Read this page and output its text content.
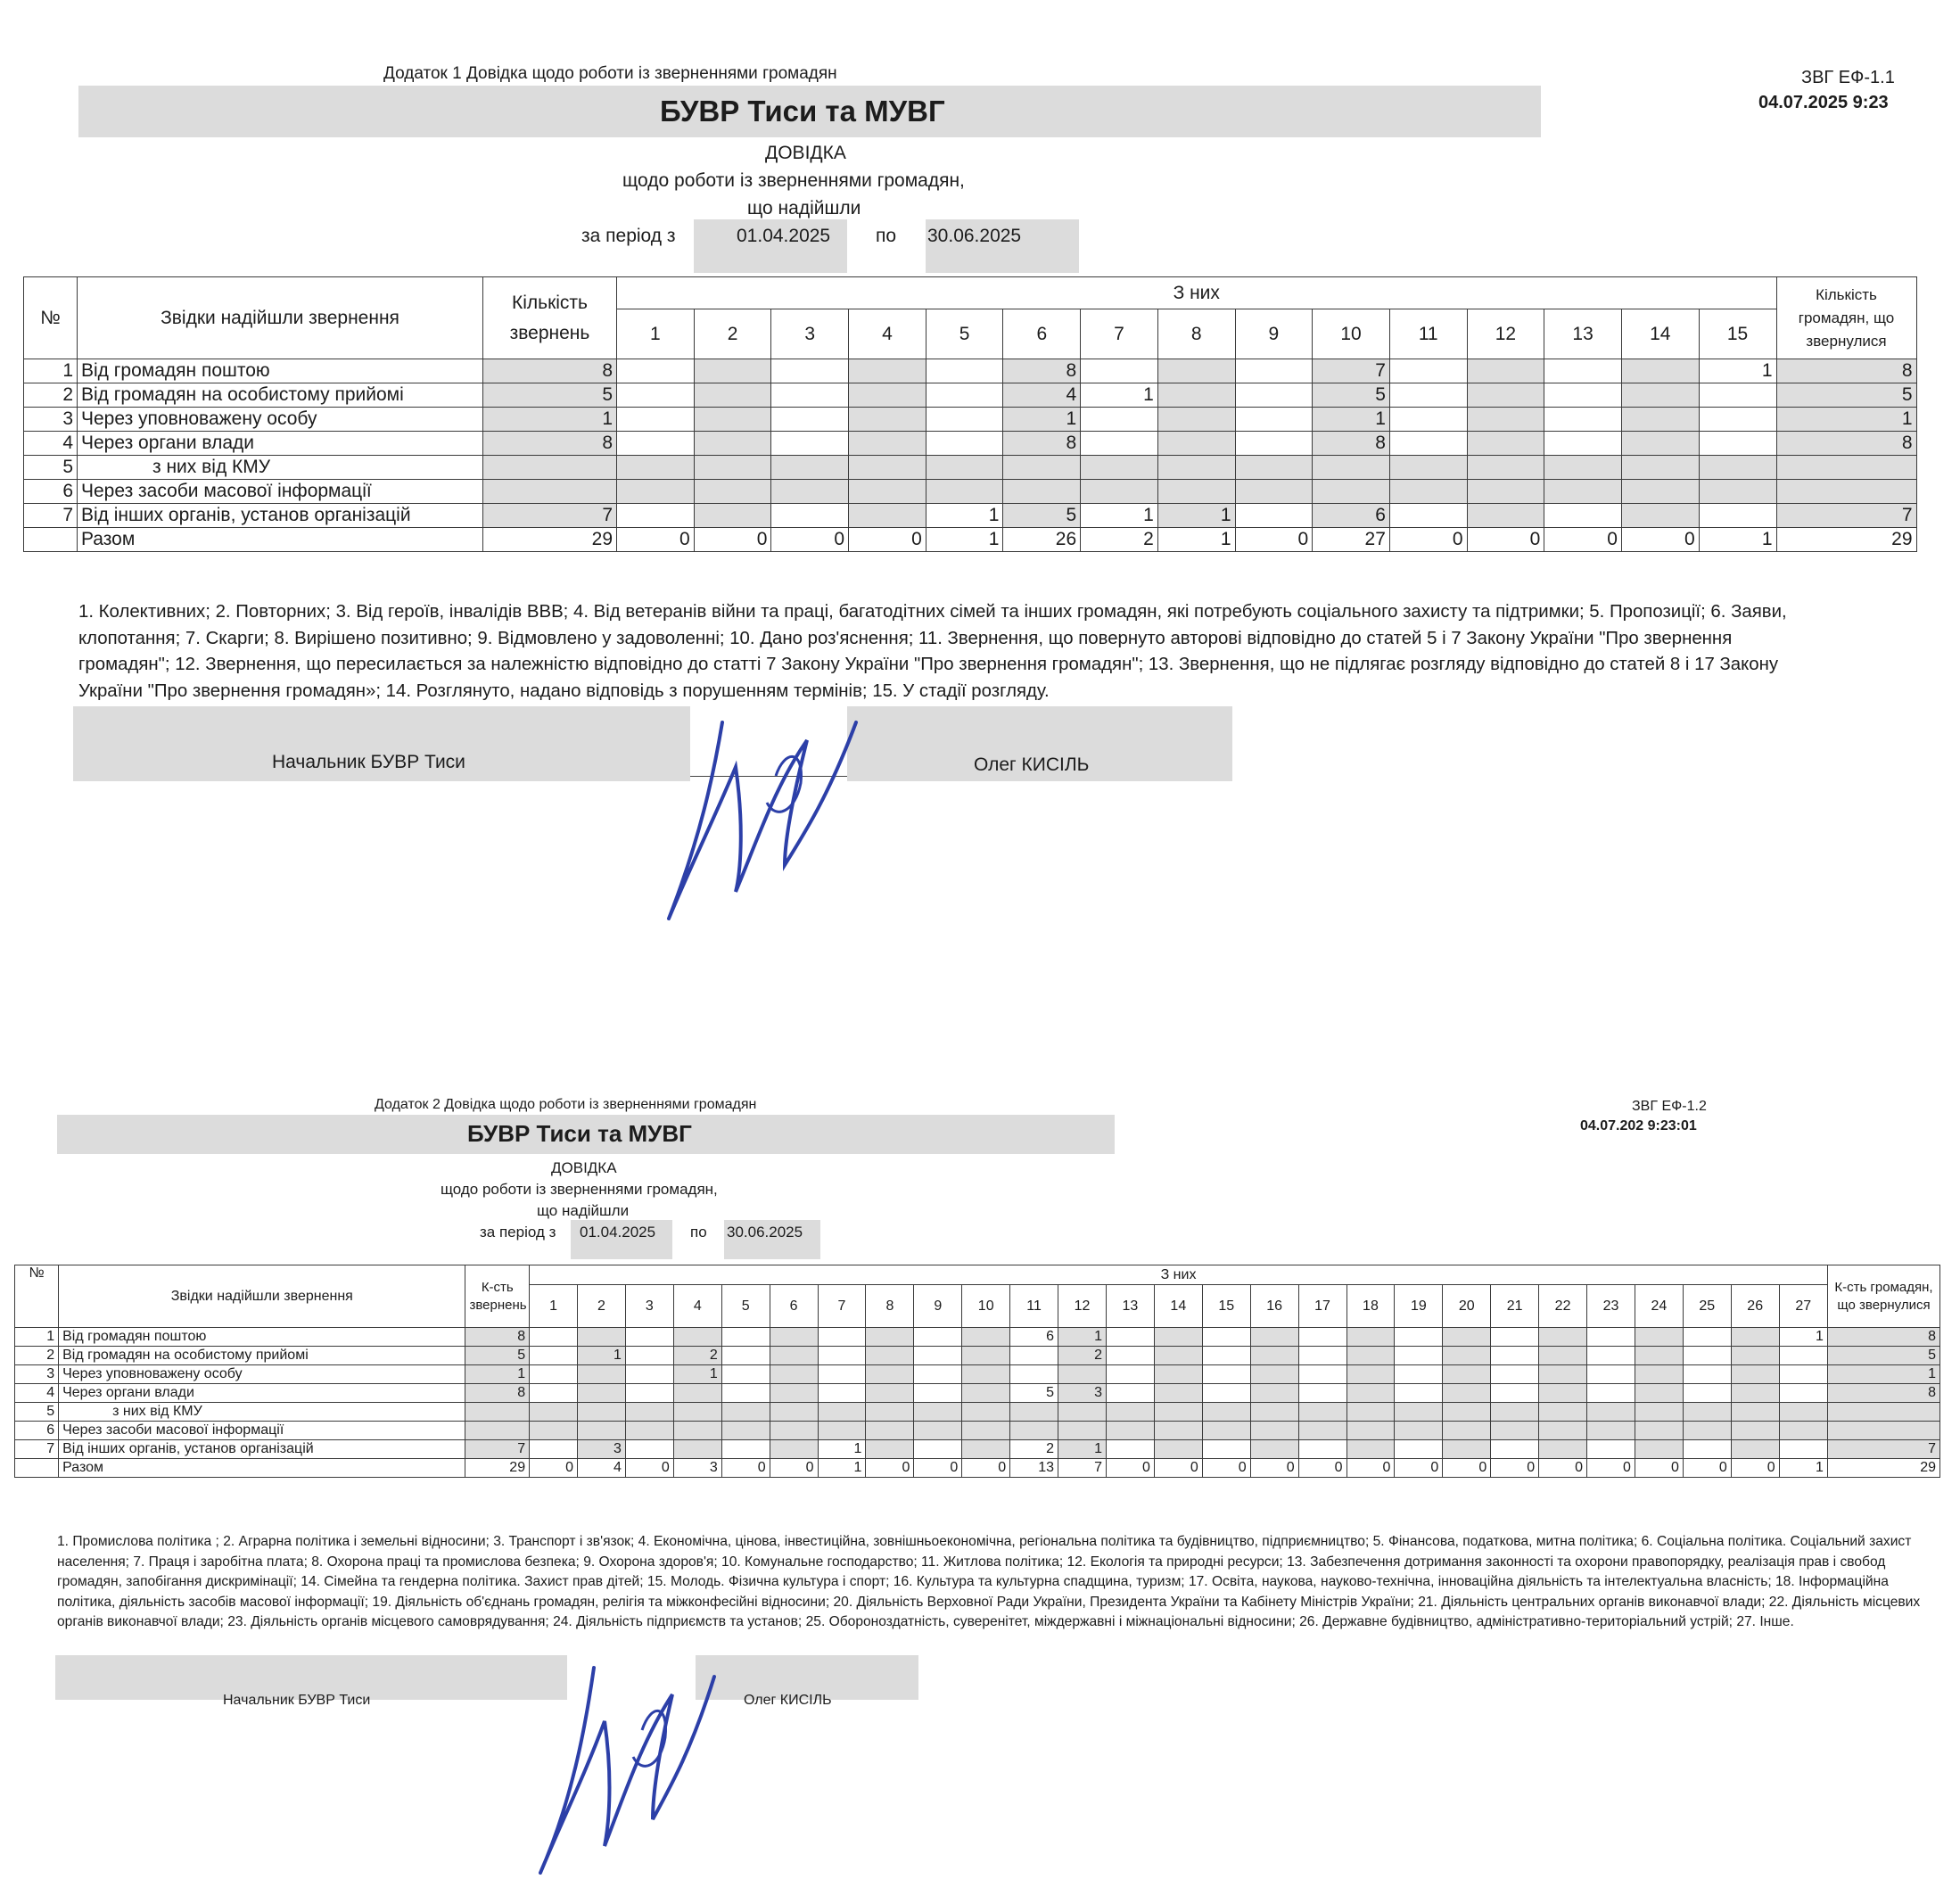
Додаток 1 Довідка щодо роботи із зверненнями громадян
БУВР Тиси та МУВГ
ЗВГ ЕФ-1.1
04.07.2025 9:23
ДОВІДКА
щодо роботи із зверненнями громадян,
що надійшли
за період з	01.04.2025 по 30.06.2025
№	Звідки надійшли звернення	Кількість звернень	З них															Кількість громадян, що звернулися
			1	2	3	4	5	6	7	8	9	10	11	12	13	14	15	
1	Від громадян поштою	8						8				7					1	8
2	Від громадян на особистому прийомі	5						4	1			5						5
3	Через уповноважену особу	1						1				1						1
4	Через органи влади	8						8				8						8
5	з них від КМУ																	
6	Через засоби масової інформації																	
7	Від інших органів, установ організацій	7					1	5	1	1		6						7
	Разом	29	0	0	0	0	1	26	2	1	0	27	0	0	0	0	1	29
1. Колективних; 2. Повторних; 3. Від героїв, інвалідів ВВВ; 4. Від ветеранів війни та праці, багатодітних сімей та інших громадян, які потребують соціального захисту та підтримки; 5. Пропозиції; 6. Заяви, клопотання; 7. Скарги; 8. Вирішено позитивно; 9. Відмовлено у задоволенні; 10. Дано роз'яснення; 11. Звернення, що повернуто авторові відповідно до статей 5 і 7 Закону України "Про звернення громадян"; 12. Звернення, що пересилається за належністю відповідно до статті 7 Закону України "Про звернення громадян"; 13. Звернення, що не підлягає розгляду відповідно до статей 8 і 17 Закону України "Про звернення громадян»; 14. Розглянуто, надано відповідь з порушенням термінів; 15. У стадії розгляду.
Начальник БУВР Тиси	Олег КИСІЛЬ
Додаток 2 Довідка щодо роботи із зверненнями громадян
БУВР Тиси та МУВГ
ЗВГ ЕФ-1.2
04.07.202 9:23:01
ДОВІДКА
щодо роботи із зверненнями громадян,
що надійшли
за період з 01.04.2025 по 30.06.2025
№	Звідки надійшли звернення	К-сть звернень	З них																											К-сть громадян, що звернулися
			1	2	3	4	5	6	7	8	9	10	11	12	13	14	15	16	17	18	19	20	21	22	23	24	25	26	27	
1	Від громадян поштою	8											6	1															1	8
2	Від громадян на особистому прийомі	5		1		2								2																5
3	Через уповноважену особу	1				1																								1
4	Через органи влади	8											5	3																8
5	з них від КМУ																													
6	Через засоби масової інформації																													
7	Від інших органів, установ організацій	7		3					1				2	1																7
	Разом	29	0	4	0	3	0	0	1	0	0	0	13	7	0	0	0	0	0	0	0	0	0	0	0	0	0	0	1	29
1. Промислова політика ; 2. Аграрна політика і земельні відносини; 3. Транспорт і зв'язок; 4. Економічна, цінова, інвестиційна, зовнішньоекономічна, регіональна політика та будівництво, підприємництво; 5. Фінансова, податкова, митна політика; 6. Соціальна політика. Соціальний захист населення; 7. Праця і заробітна плата; 8. Охорона праці та промислова безпека; 9. Охорона здоров'я; 10. Комунальне господарство; 11. Житлова політика; 12. Екологія та природні ресурси; 13. Забезпечення дотримання законності та охорони правопорядку, реалізація прав і свобод громадян, запобігання дискримінації; 14. Сімейна та гендерна політика. Захист прав дітей; 15. Молодь. Фізична культура і спорт; 16. Культура та культурна спадщина, туризм; 17. Освіта, наукова, науково-технічна, інноваційна діяльність та інтелектуальна власність; 18. Інформаційна політика, діяльність засобів масової інформації; 19. Діяльність об'єднань громадян, релігія та міжконфесійні відносини; 20. Діяльність Верховної Ради України, Президента України та Кабінету Міністрів України; 21. Діяльність центральних органів виконавчої влади; 22. Діяльність місцевих органів виконавчої влади; 23. Діяльність органів місцевого самоврядування; 24. Діяльність підприємств та установ; 25. Обороноздатність, суверенітет, міждержавні і міжнаціональні відносини; 26. Державне будівництво, адміністративно-територіальний устрій; 27. Інше.
Начальник БУВР Тиси	Олег КИСІЛЬ
